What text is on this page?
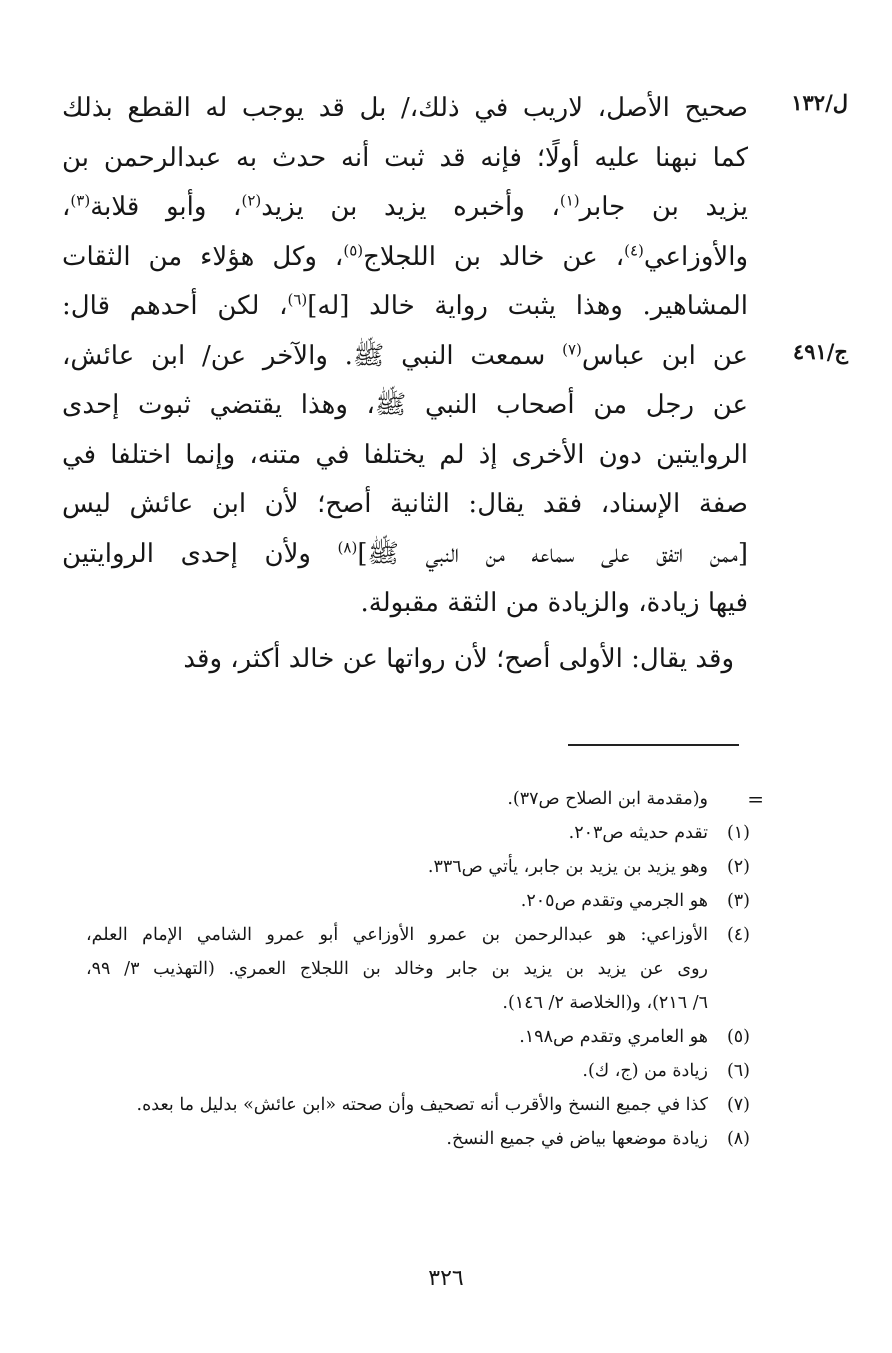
ل/١٣٢
ج/٤٩١
صحيح الأصل، لاريب في ذلك،/ بل قد يوجب له القطع بذلك
كما نبهنا عليه أولًا؛ فإنه قد ثبت أنه حدث به عبدالرحمن بن
يزيد بن جابر$^{(١)}$، وأخبره يزيد بن يزيد$^{(٢)}$، وأبو قلابة$^{(٣)}$،
والأوزاعي$^{(٤)}$، عن خالد بن اللجلاج$^{(٥)}$، وكل هؤلاء من الثقات
المشاهير. وهذا يثبت رواية خالد [له]$^{(٦)}$، لكن أحدهم قال:
عن ابن عباس$^{(٧)}$ سمعت النبي ﷺ. والآخر عن/ ابن عائش،
عن رجل من أصحاب النبي ﷺ، وهذا يقتضي ثبوت إحدى
الروايتين دون الأخرى إذ لم يختلفا في متنه، وإنما اختلفا في
صفة الإسناد، فقد يقال: الثانية أصح؛ لأن ابن عائش ليس
[ممن اتفق على سماعه من النبي ﷺ]$^{(٨)}$ ولأن إحدى الروايتين
فيها زيادة، والزيادة من الثقة مقبولة.
وقد يقال: الأولى أصح؛ لأن رواتها عن خالد أكثر، وقد
=
و(مقدمة ابن الصلاح ص٣٧).
(١)
تقدم حديثه ص٢٠٣.
(٢)
وهو يزيد بن يزيد بن جابر، يأتي ص٣٣٦.
(٣)
هو الجرمي وتقدم ص٢٠٥.
(٤)
الأوزاعي: هو عبدالرحمن بن عمرو الأوزاعي أبو عمرو الشامي الإمام العلم،
روى عن يزيد بن يزيد بن جابر وخالد بن اللجلاج العمري. (التهذيب ٣/ ٩٩،
٦/ ٢١٦)، و(الخلاصة ٢/ ١٤٦).
(٥)
هو العامري وتقدم ص١٩٨.
(٦)
زيادة من (ج، ك).
(٧)
كذا في جميع النسخ والأقرب أنه تصحيف وأن صحته «ابن عائش» بدليل ما بعده.
(٨)
زيادة موضعها بياض في جميع النسخ.
٣٢٦
